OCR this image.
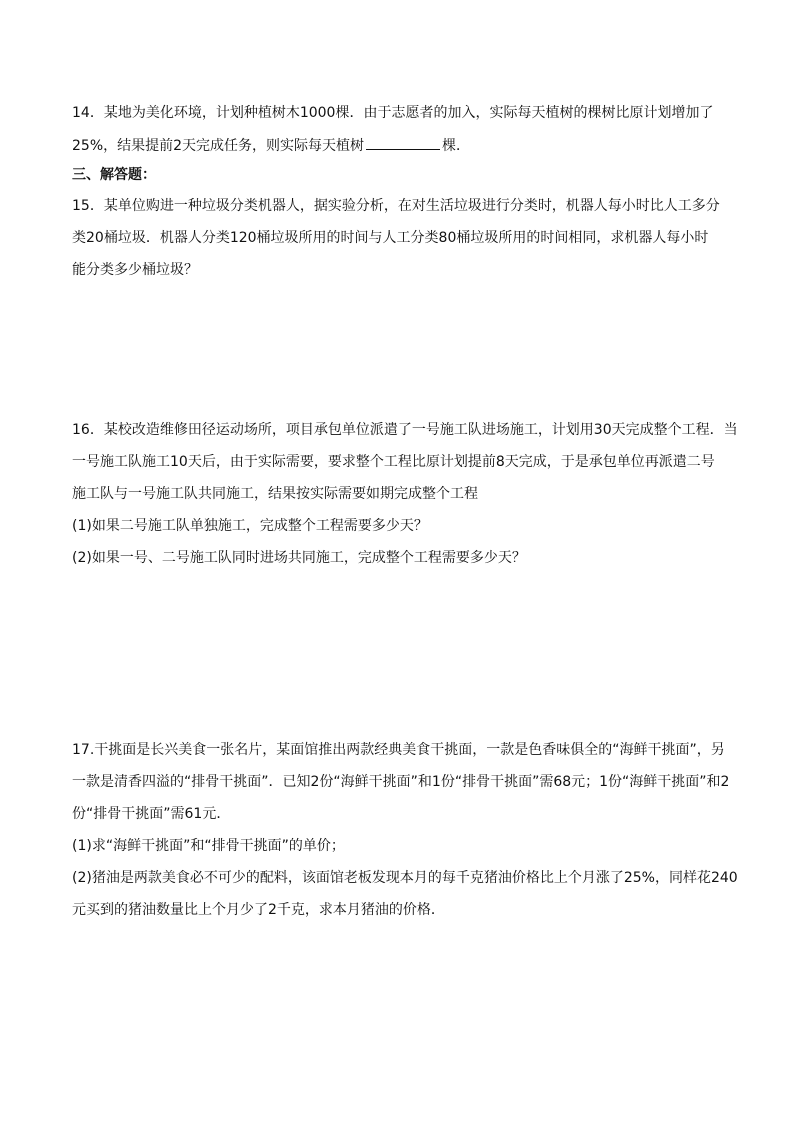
14．某地为美化环境，计划种植树木1000棵．由于志愿者的加入，实际每天植树的棵树比原计划增加了

25%，结果提前2天完成任务，则实际每天植树	棵．

三、解答题：

15．某单位购进一种垃圾分类机器人，据实验分析，在对生活垃圾进行分类时，机器人每小时比人工多分

类20桶垃圾．机器人分类120桶垃圾所用的时间与人工分类80桶垃圾所用的时间相同，求机器人每小时

能分类多少桶垃圾？

16．某校改造维修田径运动场所，项目承包单位派遣了一号施工队进场施工，计划用30天完成整个工程．当

一号施工队施工10天后，由于实际需要，要求整个工程比原计划提前8天完成，于是承包单位再派遣二号

施工队与一号施工队共同施工，结果按实际需要如期完成整个工程

(1)如果二号施工队单独施工，完成整个工程需要多少天？

(2)如果一号、二号施工队同时进场共同施工，完成整个工程需要多少天？

17.干挑面是长兴美食一张名片，某面馆推出两款经典美食干挑面，一款是色香味俱全的“海鲜干挑面”，另

一款是清香四溢的“排骨干挑面”．已知2份“海鲜干挑面”和1份“排骨干挑面”需68元；1份“海鲜干挑面”和2

份“排骨干挑面”需61元．

(1)求“海鲜干挑面”和“排骨干挑面”的单价；

(2)猪油是两款美食必不可少的配料，该面馆老板发现本月的每千克猪油价格比上个月涨了25%，同样花240

元买到的猪油数量比上个月少了2千克，求本月猪油的价格．
